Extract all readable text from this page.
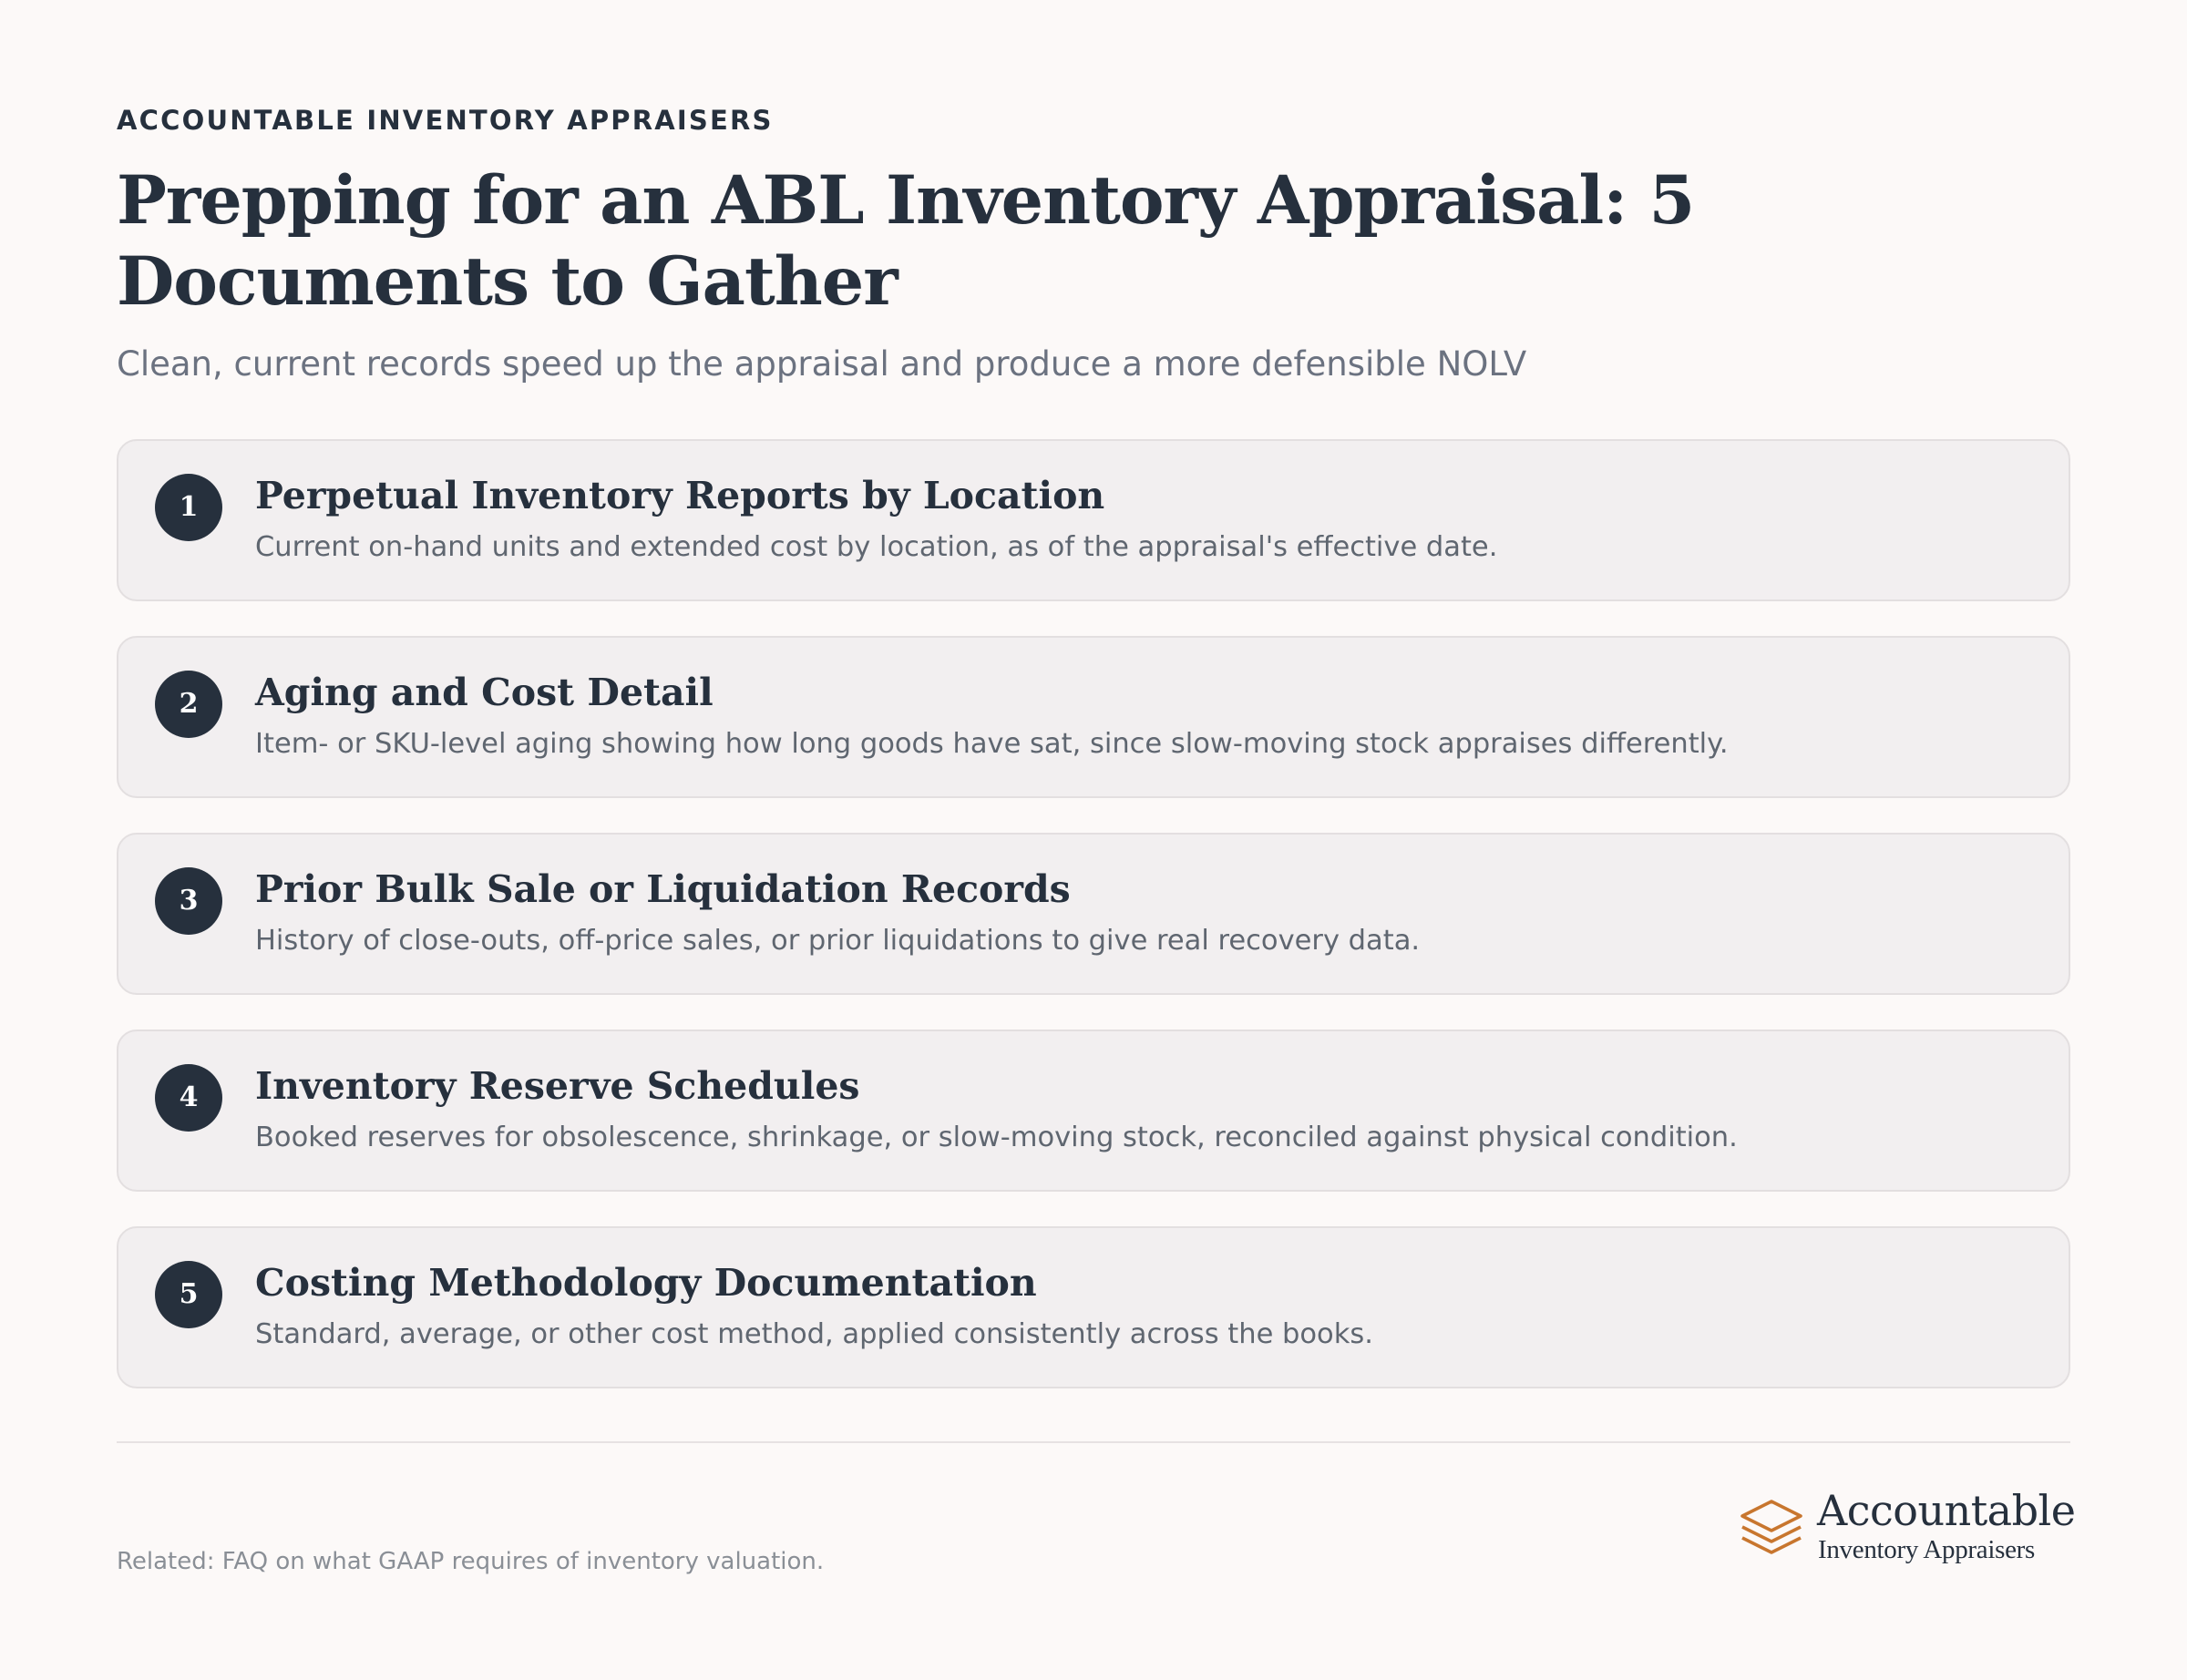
ACCOUNTABLE INVENTORY APPRAISERS

Prepping for an ABL Inventory Appraisal: 5 Documents to Gather

Clean, current records speed up the appraisal and produce a more defensible NOLV

1	Perpetual Inventory Reports by Location
Current on-hand units and extended cost by location, as of the appraisal's effective date.
2	Aging and Cost Detail
Item- or SKU-level aging showing how long goods have sat, since slow-moving stock appraises differently.
3	Prior Bulk Sale or Liquidation Records
History of close-outs, off-price sales, or prior liquidations to give real recovery data.
4	Inventory Reserve Schedules
Booked reserves for obsolescence, shrinkage, or slow-moving stock, reconciled against physical condition.
5	Costing Methodology Documentation
Standard, average, or other cost method, applied consistently across the books.
Related: FAQ on what GAAP requires of inventory valuation.
Accountable
Inventory Appraisers
